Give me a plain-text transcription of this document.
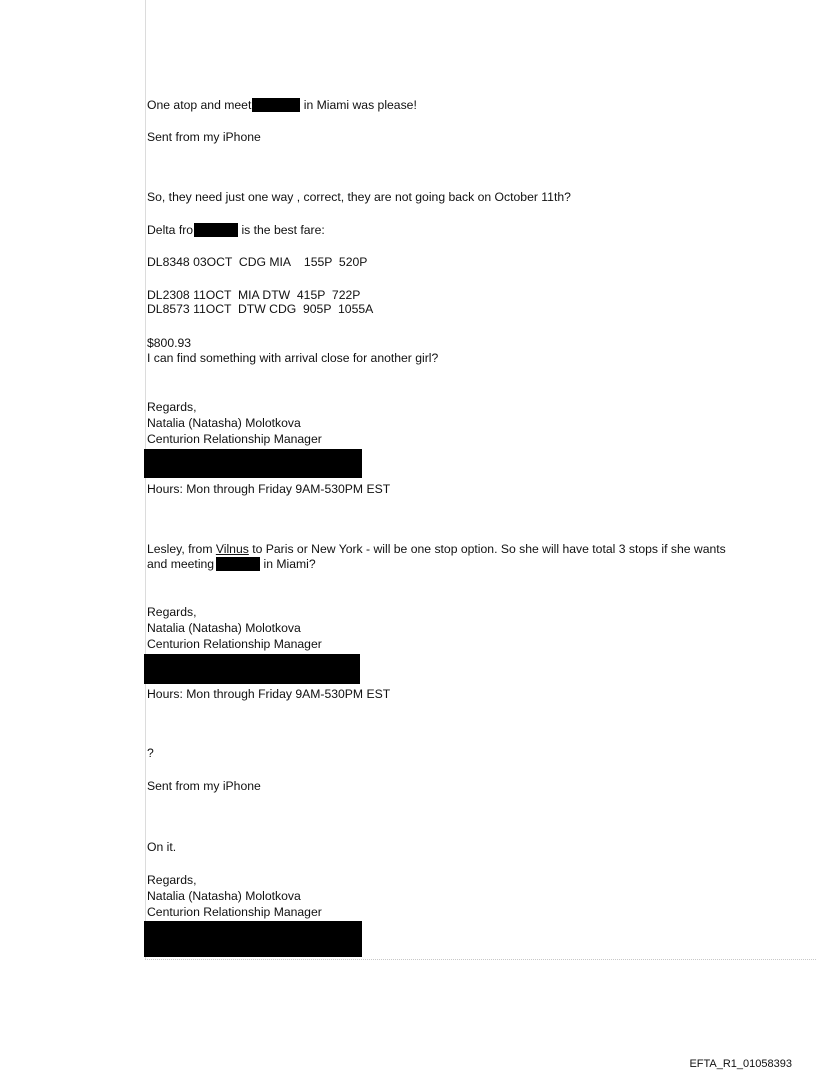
One atop and meet	in Miami was please!
Sent from my iPhone
So, they need just one way , correct, they are not going back on October 11th?
Delta fro	is the best fare:
DL8348 03OCT  CDG MIA    155P  520P
DL2308 11OCT  MIA DTW  415P  722P
DL8573 11OCT  DTW CDG  905P  1055A
$800.93
I can find something with arrival close for another girl?
Regards,
Natalia (Natasha) Molotkova
Centurion Relationship Manager
Hours: Mon through Friday 9AM-530PM EST
Lesley, from Vilnus to Paris or New York - will be one stop option. So she will have total 3 stops if she wants
and meeting	in Miami?
Regards,
Natalia (Natasha) Molotkova
Centurion Relationship Manager
Hours: Mon through Friday 9AM-530PM EST
?
Sent from my iPhone
On it.
Regards,
Natalia (Natasha) Molotkova
Centurion Relationship Manager
EFTA_R1_01058393
